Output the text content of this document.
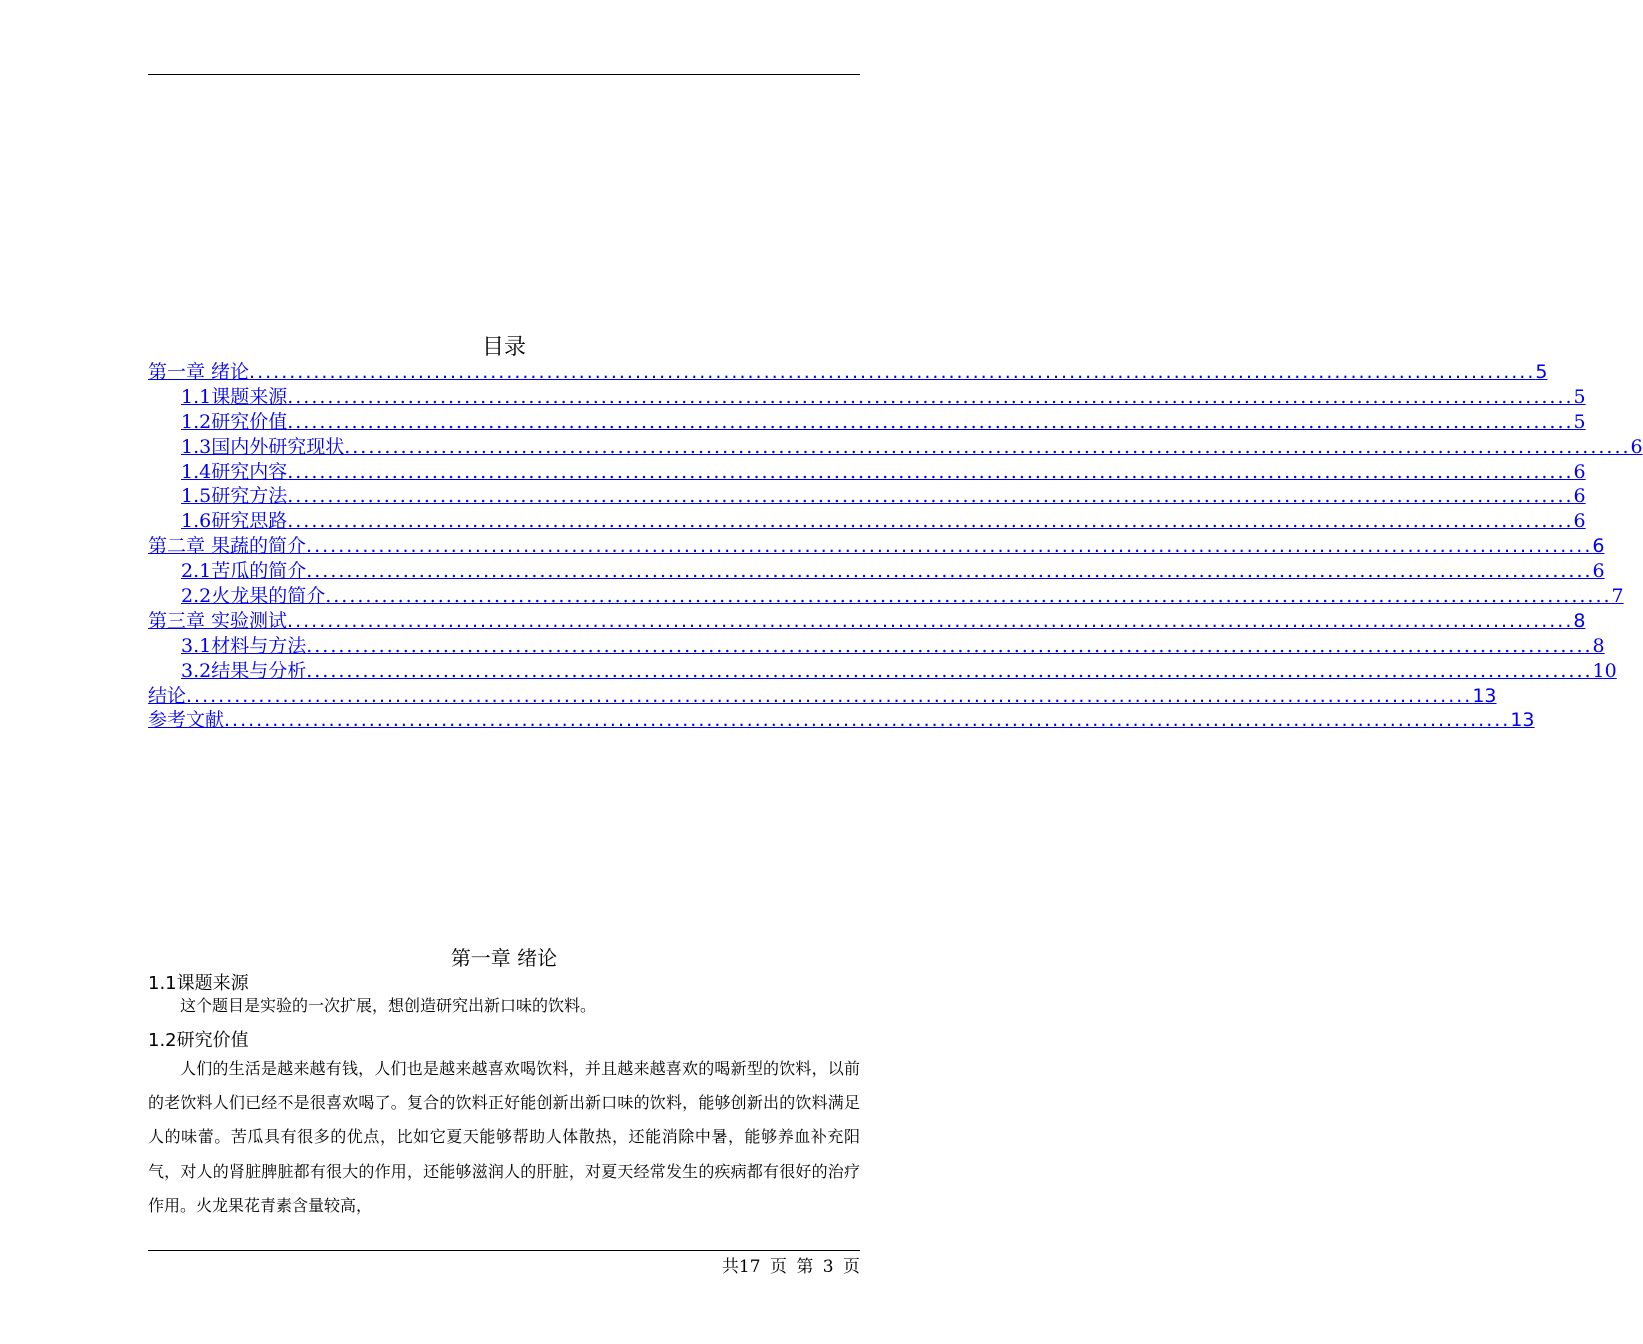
目录
第一章 绪论 ................................................................................................................................................................ 5
1.1课题来源 ................................................................................................................................................................ 5
1.2研究价值 ................................................................................................................................................................ 5
1.3国内外研究现状 ................................................................................................................................................................ 6
1.4研究内容 ................................................................................................................................................................ 6
1.5研究方法 ................................................................................................................................................................ 6
1.6研究思路 ................................................................................................................................................................ 6
第二章 果蔬的简介 ................................................................................................................................................................ 6
2.1苦瓜的简介 ................................................................................................................................................................ 6
2.2火龙果的简介 ................................................................................................................................................................ 7
第三章 实验测试 ................................................................................................................................................................ 8
3.1材料与方法 ................................................................................................................................................................ 8
3.2结果与分析 ................................................................................................................................................................ 10
结论 ................................................................................................................................................................ 13
参考文献 ................................................................................................................................................................ 13
第一章 绪论
1.1课题来源

这个题目是实验的一次扩展，想创造研究出新口味的饮料。

1.2研究价值

人们的生活是越来越有钱，人们也是越来越喜欢喝饮料，并且越来越喜欢的喝新型的饮料，以前的老饮料人们已经不是很喜欢喝了。复合的饮料正好能创新出新口味的饮料，能够创新出的饮料满足人的味蕾。苦瓜具有很多的优点，比如它夏天能够帮助人体散热，还能消除中暑，能够养血补充阳气，对人的肾脏脾脏都有很大的作用，还能够滋润人的肝脏，对夏天经常发生的疾病都有很好的治疗作用。火龙果花青素含量较高，

共17 页 第 3 页
